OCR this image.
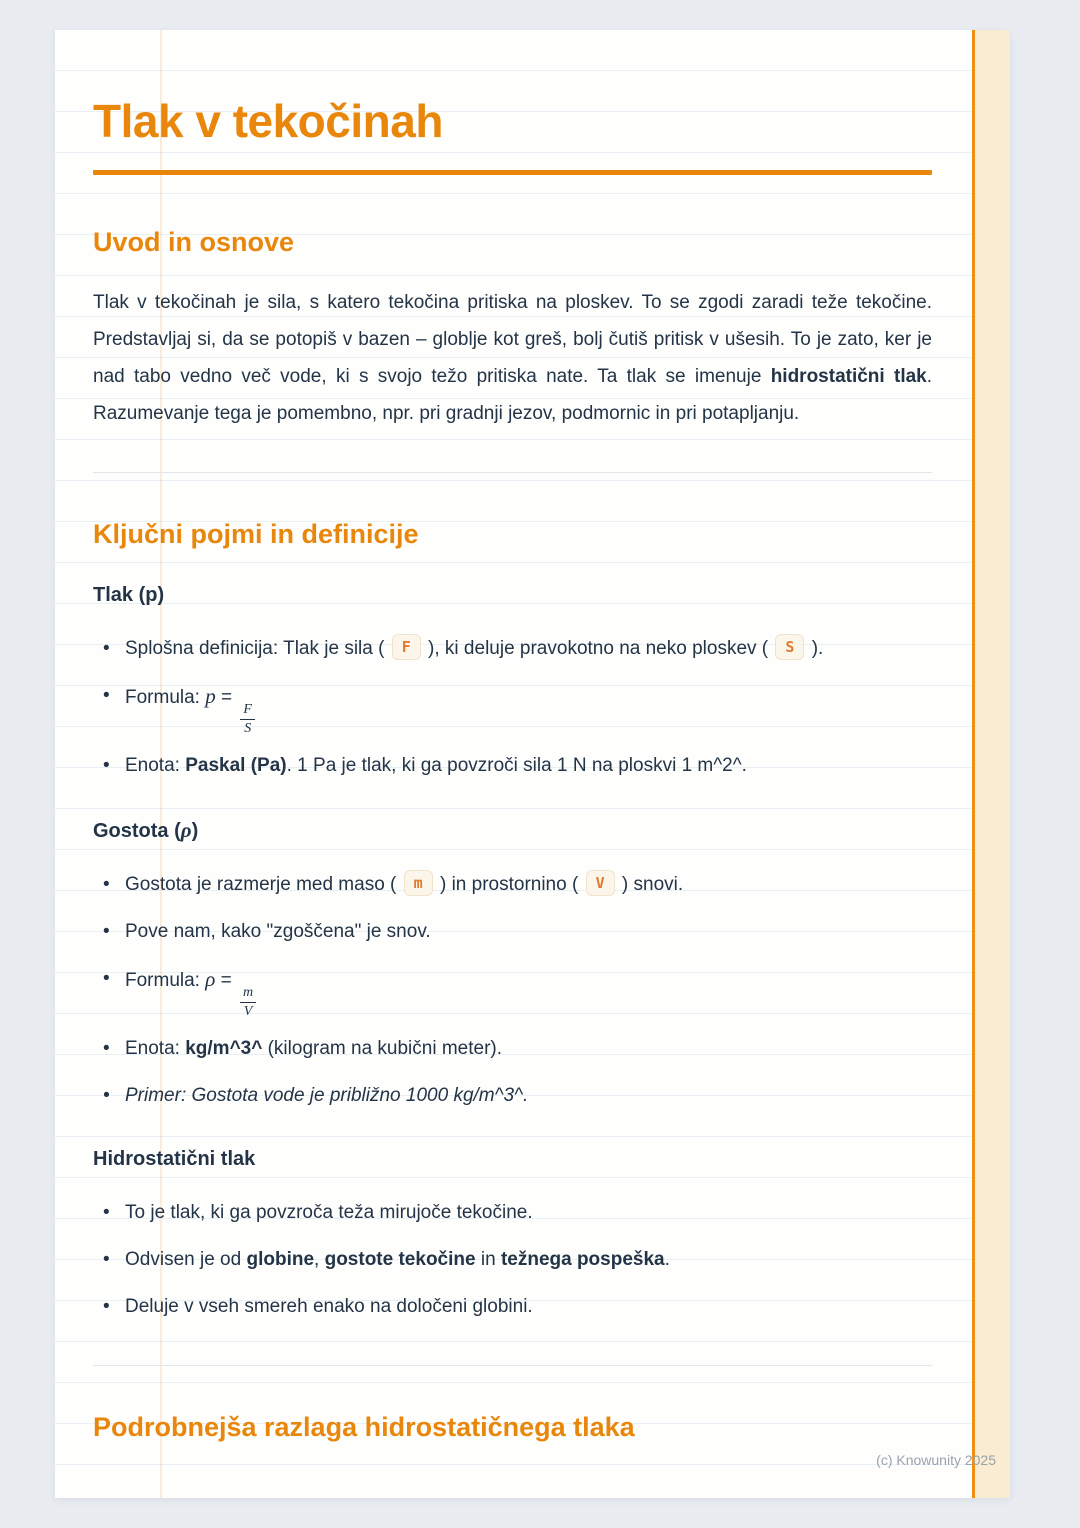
Tlak v tekočinah
Uvod in osnove

Tlak v tekočinah je sila, s katero tekočina pritiska na ploskev. To se zgodi zaradi teže tekočine. Predstavljaj si, da se potopiš v bazen – globlje kot greš, bolj čutiš pritisk v ušesih. To je zato, ker je nad tabo vedno več vode, ki s svojo težo pritiska nate. Ta tlak se imenuje hidrostatični tlak. Razumevanje tega je pomembno, npr. pri gradnji jezov, podmornic in pri potapljanju.

Ključni pojmi in definicije
Tlak (p)
• Splošna definicija: Tlak je sila ( F ), ki deluje pravokotno na neko ploskev ( S ).
• Formula: p =
$\frac{F}{S}$
• Enota: Paskal (Pa). 1 Pa je tlak, ki ga povzroči sila 1 N na ploskvi 1 m^2^.
Gostota (ρ)
• Gostota je razmerje med maso ( m ) in prostornino ( V ) snovi.
• Pove nam, kako "zgoščena" je snov.
• Formula: ρ =
$\frac{m}{V}$
• Enota: kg/m^3^ (kilogram na kubični meter).
• Primer: Gostota vode je približno 1000 kg/m^3^.
Hidrostatični tlak
• To je tlak, ki ga povzroča teža mirujoče tekočine.
• Odvisen je od globine, gostote tekočine in težnega pospeška.
• Deluje v vseh smereh enako na določeni globini.
Podrobnejša razlaga hidrostatičnega tlaka
(c) Knowunity 2025
